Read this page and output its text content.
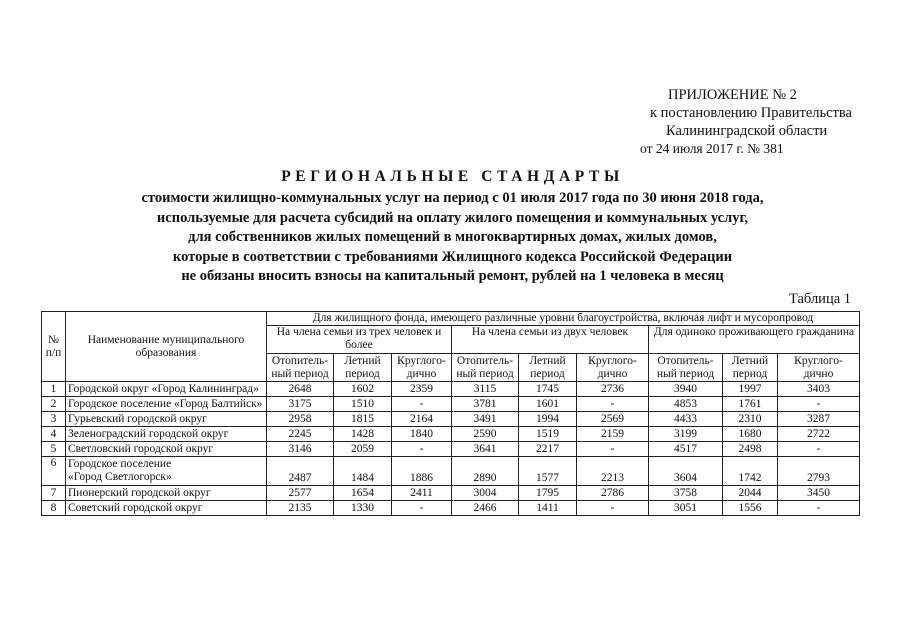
ПРИЛОЖЕНИЕ № 2
к постановлению Правительства
Калининградской области
от 24 июля 2017 г. № 381
РЕГИОНАЛЬНЫЕ СТАНДАРТЫ
стоимости жилищно-коммунальных услуг на период с 01 июля 2017 года по 30 июня 2018 года,
используемые для расчета субсидий на оплату жилого помещения и коммунальных услуг,
для собственников жилых помещений в многоквартирных домах, жилых домов,
которые в соответствии с требованиями Жилищного кодекса Российской Федерации
не обязаны вносить взносы на капитальный ремонт, рублей на 1 человека в месяц
Таблица 1
№ п/п	Наименование муниципального образования	Для жилищного фонда, имеющего различные уровни благоустройства, включая лифт и мусоропровод								
		На члена семьи из трех человек и более			На члена семьи из двух человек			Для одиноко проживающего гражданина		
		Отопитель-ный период	Летний период	Круглого-дично	Отопитель-ный период	Летний период	Круглого-дично	Отопитель-ный период	Летний период	Круглого-дично
1	Городской округ «Город Калининград»	2648	1602	2359	3115	1745	2736	3940	1997	3403
2	Городское поселение «Город Балтийск»	3175	1510	-	3781	1601	-	4853	1761	-
3	Гурьевский городской округ	2958	1815	2164	3491	1994	2569	4433	2310	3287
4	Зеленоградский городской округ	2245	1428	1840	2590	1519	2159	3199	1680	2722
5	Светловский городской округ	3146	2059	-	3641	2217	-	4517	2498	-
6	Городское поселение
«Город Светлогорск»	2487	1484	1886	2890	1577	2213	3604	1742	2793
7	Пионерский городской округ	2577	1654	2411	3004	1795	2786	3758	2044	3450
8	Советский городской округ	2135	1330	-	2466	1411	-	3051	1556	-
